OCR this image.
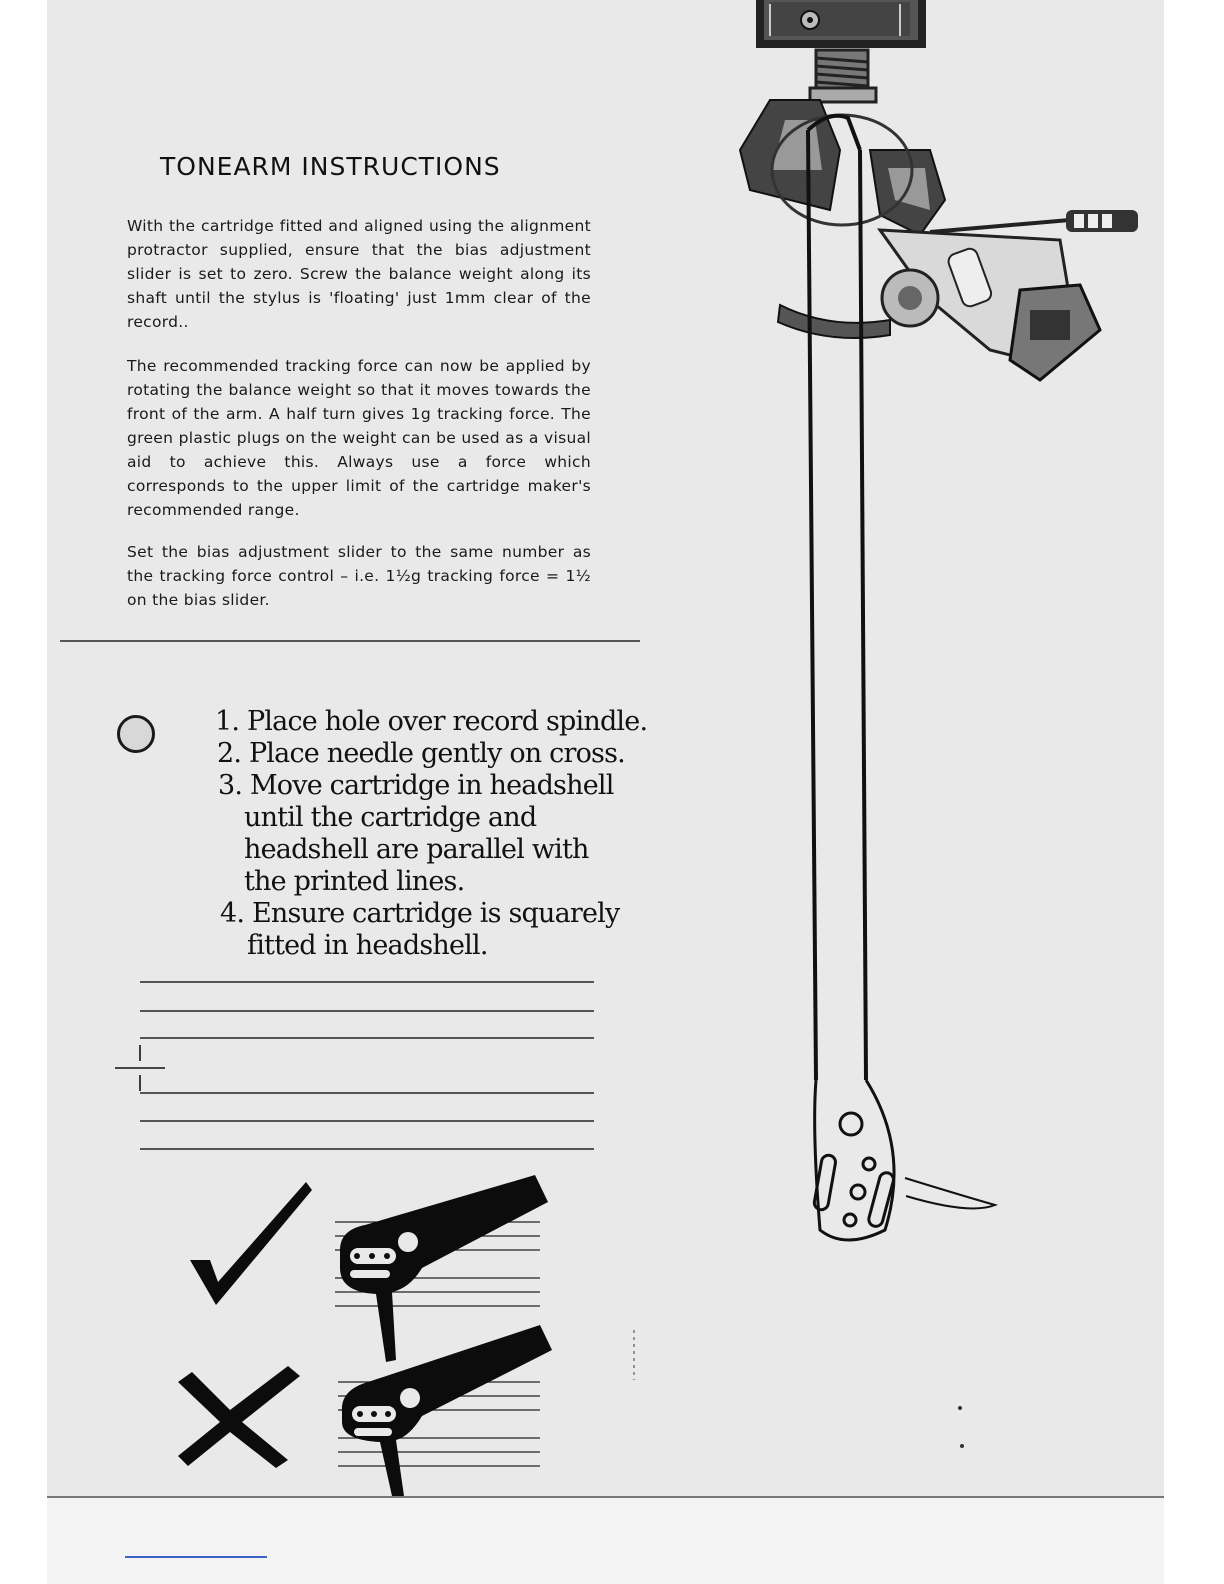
TONEARM INSTRUCTIONS

With the cartridge fitted and aligned using the alignment protractor supplied, ensure that the bias adjustment slider is set to zero. Screw the balance weight along its shaft until the stylus is 'floating' just 1mm clear of the record..

The recommended tracking force can now be applied by rotating the balance weight so that it moves towards the front of the arm. A half turn gives 1g tracking force. The green plastic plugs on the weight can be used as a visual aid to achieve this. Always use a force which corresponds to the upper limit of the cartridge maker's recommended range.

Set the bias adjustment slider to the same number as the tracking force control – i.e. 1½g tracking force = 1½ on the bias slider.

1. Place hole over record spindle.

2. Place needle gently on cross.

3. Move cartridge in headshell

until the cartridge and

headshell are parallel with

the printed lines.

4. Ensure cartridge is squarely

fitted in headshell.
